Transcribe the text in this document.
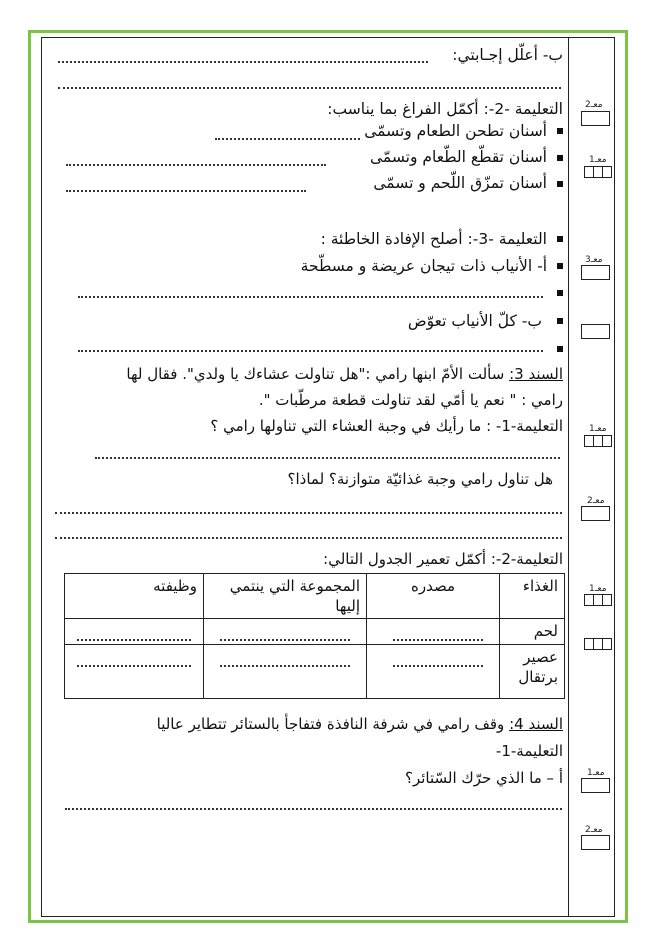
ب- أعلّل إجـابتي:
التعليمة -2-: أكمّل الفراغ بما يناسب:
أسنان تطحن الطعام وتسمّى
أسنان تقطّع الطّعام وتسمّى
أسنان تمزّق اللّحم و تسمّى
التعليمة -3-: أصلح الإفادة الخاطئة :
أ- الأنياب ذات تيجان عريضة و مسطّحة
ب- كلّ الأنياب تعوّض
السند 3: سألت الأمّ ابنها رامي :"هل تناولت عشاءك يا ولدي". فقال لها
رامي : " نعم يا أمّي لقد تناولت قطعة مرطّبات ".
التعليمة-1- : ما رأيك في وجبة العشاء التي تناولها رامي ؟
هل تناول رامي وجبة غذائيّة متوازنة؟ لماذا؟
التعليمة-2-: أكمّل تعمير الجدول التالي:
الغذاء	مصدره	المجموعة التي ينتمي إليها	وظيفته
لحم	

عصير برتقال	

السند 4: وقف رامي في شرفة النافذة فتفاجأ بالستائر تتطاير عاليا
التعليمة-1-
أ – ما الذي حرّك السّتائر؟
معـ2
معـ1
معـ3
معـ1
معـ2
معـ1
معـ1
معـ2
